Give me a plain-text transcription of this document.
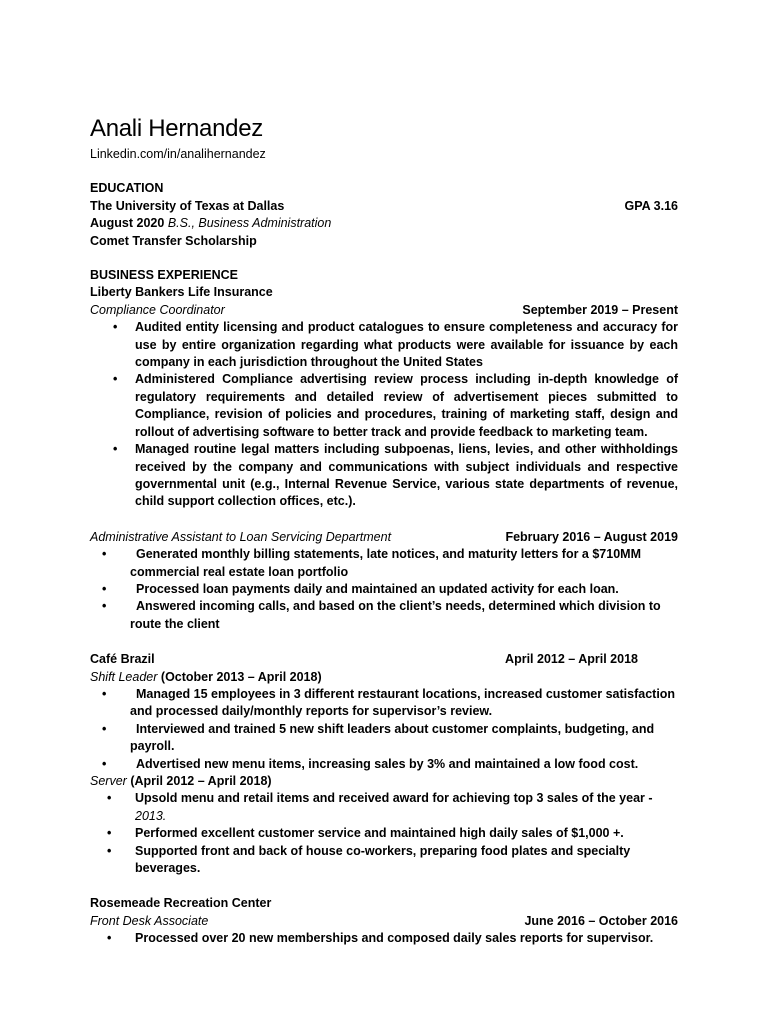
Anali Hernandez
Linkedin.com/in/analihernandez
EDUCATION
The University of Texas at Dallas	GPA 3.16
August 2020 B.S., Business Administration
Comet Transfer Scholarship
BUSINESS EXPERIENCE
Liberty Bankers Life Insurance
Compliance Coordinator	September 2019 – Present
• Audited entity licensing and product catalogues to ensure completeness and accuracy for use by entire organization regarding what products were available for issuance by each company in each jurisdiction throughout the United States
• Administered Compliance advertising review process including in-depth knowledge of regulatory requirements and detailed review of advertisement pieces submitted to Compliance, revision of policies and procedures, training of marketing staff, design and rollout of advertising software to better track and provide feedback to marketing team.
• Managed routine legal matters including subpoenas, liens, levies, and other withholdings received by the company and communications with subject individuals and respective governmental unit (e.g., Internal Revenue Service, various state departments of revenue, child support collection offices, etc.).
Administrative Assistant to Loan Servicing Department	February 2016 – August 2019
• Generated monthly billing statements, late notices, and maturity letters for a $710MM commercial real estate loan portfolio
• Processed loan payments daily and maintained an updated activity for each loan.
• Answered incoming calls, and based on the client’s needs, determined which division to route the client
Café Brazil	April 2012 – April 2018
Shift Leader (October 2013 – April 2018)
• Managed 15 employees in 3 different restaurant locations, increased customer satisfaction and processed daily/monthly reports for supervisor’s review.
• Interviewed and trained 5 new shift leaders about customer complaints, budgeting, and payroll.
• Advertised new menu items, increasing sales by 3% and maintained a low food cost.
Server (April 2012 – April 2018)
• Upsold menu and retail items and received award for achieving top 3 sales of the year - 2013.
• Performed excellent customer service and maintained high daily sales of $1,000 +.
• Supported front and back of house co-workers, preparing food plates and specialty beverages.
Rosemeade Recreation Center
Front Desk Associate	June 2016 – October 2016
• Processed over 20 new memberships and composed daily sales reports for supervisor.
